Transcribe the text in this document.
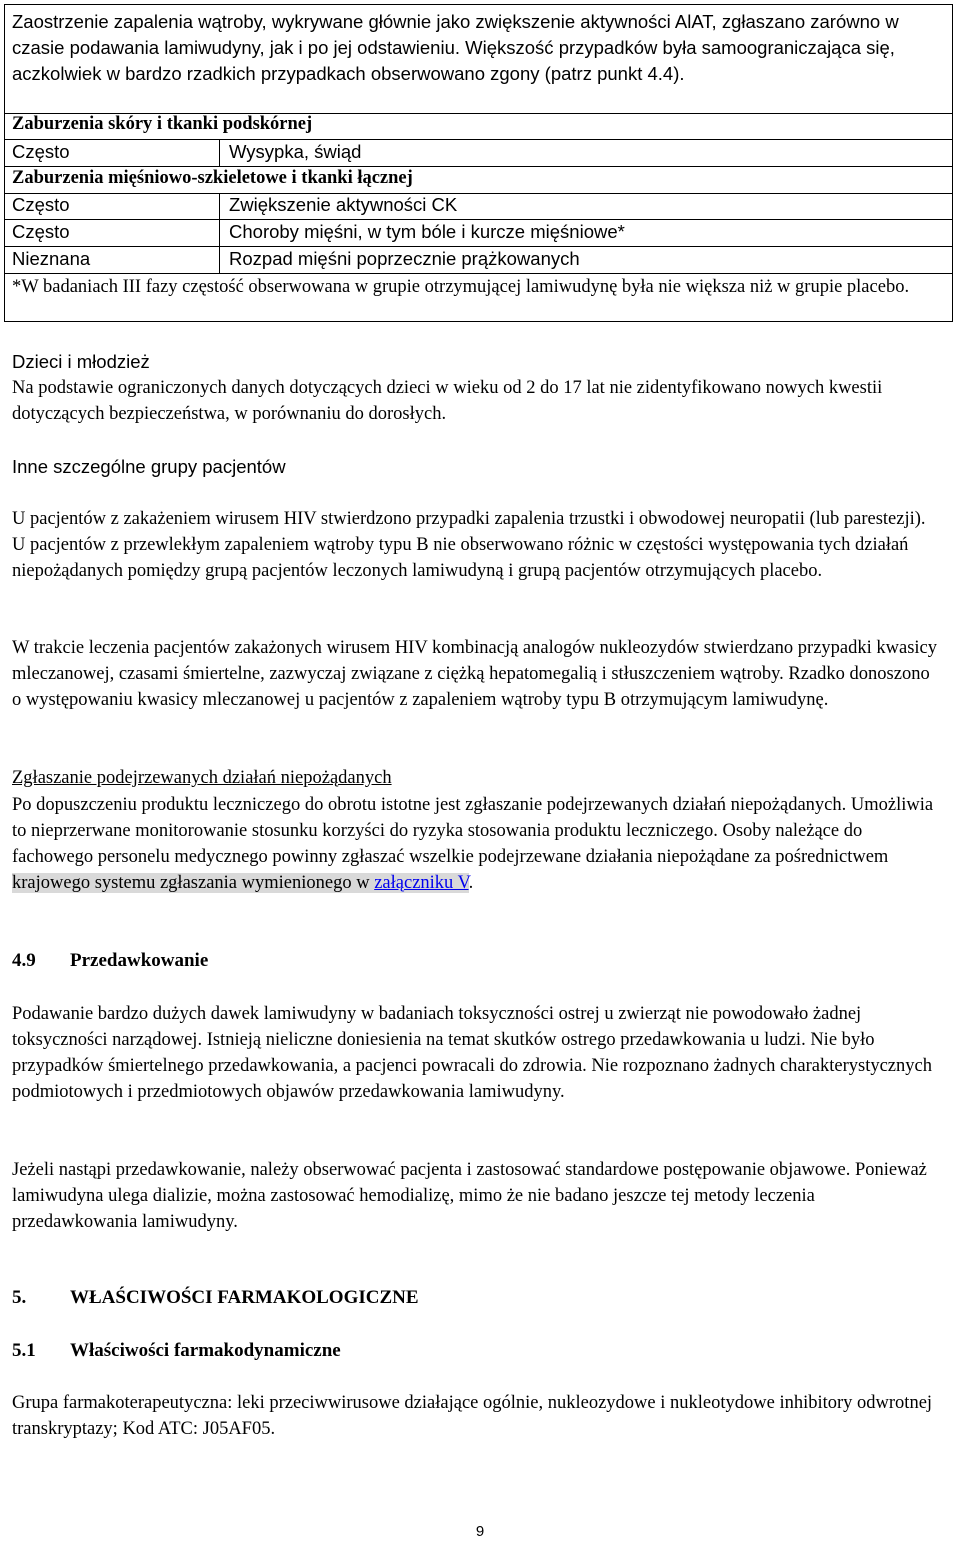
Zaostrzenie zapalenia wątroby, wykrywane głównie jako zwiększenie aktywności AlAT, zgłaszano zarówno w czasie podawania lamiwudyny, jak i po jej odstawieniu. Większość przypadków była samoograniczająca się, aczkolwiek w bardzo rzadkich przypadkach obserwowano zgony (patrz punkt 4.4).
Zaburzenia skóry i tkanki podskórnej
Często	Wysypka, świąd
Zaburzenia mięśniowo-szkieletowe i tkanki łącznej
Często	Zwiększenie aktywności CK
Często	Choroby mięśni, w tym bóle i kurcze mięśniowe*
Nieznana	Rozpad mięśni poprzecznie prążkowanych
*W badaniach III fazy częstość obserwowana w grupie otrzymującej lamiwudynę była nie większa niż w grupie placebo.
Dzieci i młodzież
Na podstawie ograniczonych danych dotyczących dzieci w wieku od 2 do 17 lat nie zidentyfikowano nowych kwestii dotyczących bezpieczeństwa, w porównaniu do dorosłych.
Inne szczególne grupy pacjentów
U pacjentów z zakażeniem wirusem HIV stwierdzono przypadki zapalenia trzustki i obwodowej neuropatii (lub parestezji). U pacjentów z przewlekłym zapaleniem wątroby typu B nie obserwowano różnic w częstości występowania tych działań niepożądanych pomiędzy grupą pacjentów leczonych lamiwudyną i grupą pacjentów otrzymujących placebo.
W trakcie leczenia pacjentów zakażonych wirusem HIV kombinacją analogów nukleozydów stwierdzano przypadki kwasicy mleczanowej, czasami śmiertelne, zazwyczaj związane z ciężką hepatomegalią i stłuszczeniem wątroby. Rzadko donoszono o występowaniu kwasicy mleczanowej u pacjentów z zapaleniem wątroby typu B otrzymującym lamiwudynę.
Zgłaszanie podejrzewanych działań niepożądanych
Po dopuszczeniu produktu leczniczego do obrotu istotne jest zgłaszanie podejrzewanych działań niepożądanych. Umożliwia to nieprzerwane monitorowanie stosunku korzyści do ryzyka stosowania produktu leczniczego. Osoby należące do fachowego personelu medycznego powinny zgłaszać wszelkie podejrzewane działania niepożądane za pośrednictwem krajowego systemu zgłaszania wymienionego w załączniku V.
4.9 Przedawkowanie
Podawanie bardzo dużych dawek lamiwudyny w badaniach toksyczności ostrej u zwierząt nie powodowało żadnej toksyczności narządowej. Istnieją nieliczne doniesienia na temat skutków ostrego przedawkowania u ludzi. Nie było przypadków śmiertelnego przedawkowania, a pacjenci powracali do zdrowia. Nie rozpoznano żadnych charakterystycznych podmiotowych i przedmiotowych objawów przedawkowania lamiwudyny.
Jeżeli nastąpi przedawkowanie, należy obserwować pacjenta i zastosować standardowe postępowanie objawowe. Ponieważ lamiwudyna ulega dializie, można zastosować hemodializę, mimo że nie badano jeszcze tej metody leczenia przedawkowania lamiwudyny.
5. WŁAŚCIWOŚCI FARMAKOLOGICZNE
5.1 Właściwości farmakodynamiczne
Grupa farmakoterapeutyczna: leki przeciwwirusowe działające ogólnie, nukleozydowe i nukleotydowe inhibitory odwrotnej transkryptazy; Kod ATC: J05AF05.
9
